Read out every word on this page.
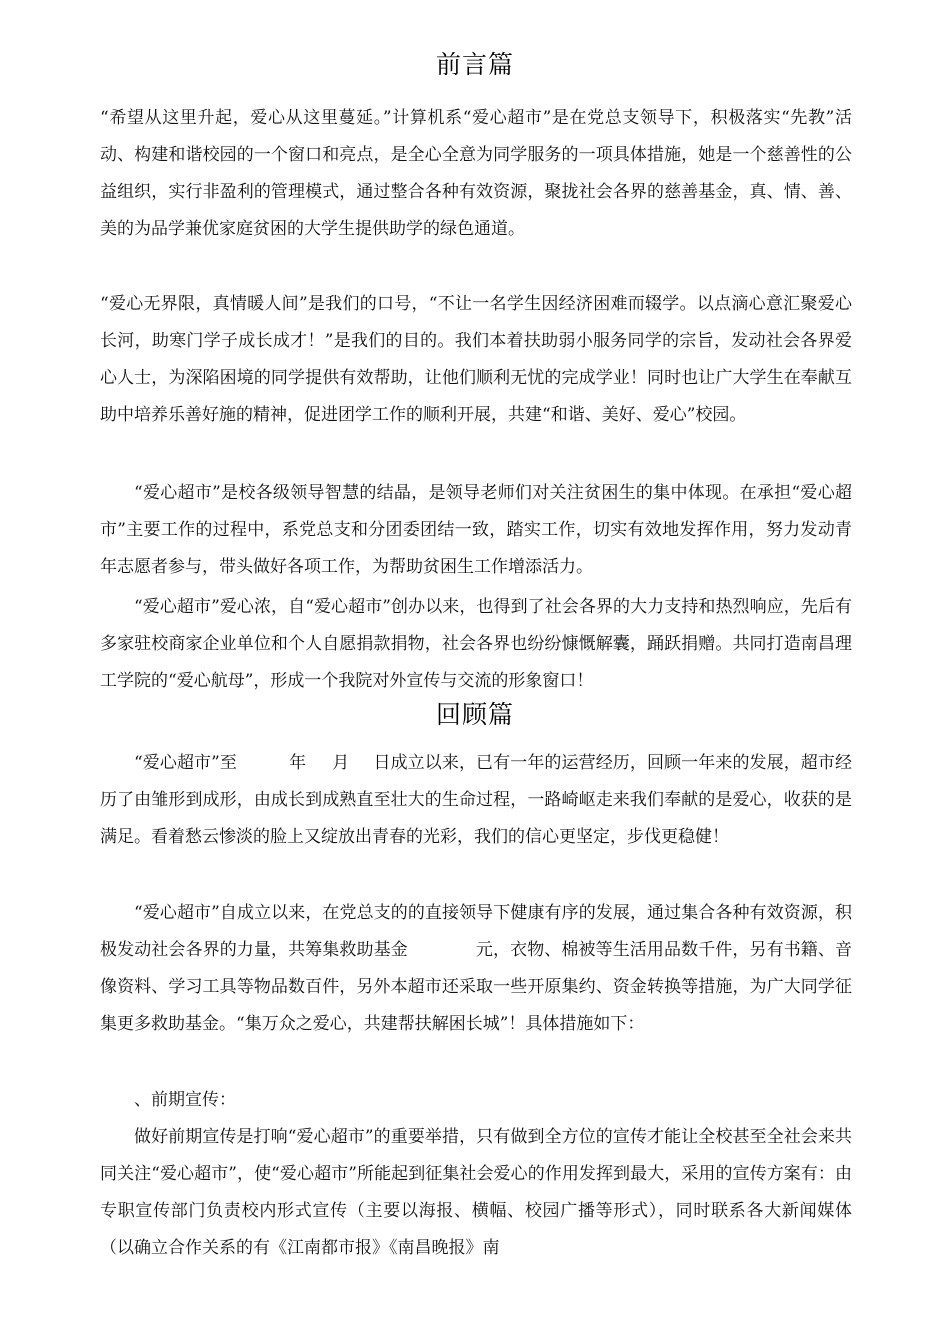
前言篇

“希望从这里升起，爱心从这里蔓延。”计算机系“爱心超市”是在党总支领导下，积极落实“先教”活动、构建和谐校园的一个窗口和亮点，是全心全意为同学服务的一项具体措施，她是一个慈善性的公益组织，实行非盈利的管理模式，通过整合各种有效资源，聚拢社会各界的慈善基金，真、情、善、美的为品学兼优家庭贫困的大学生提供助学的绿色通道。

“爱心无界限，真情暖人间”是我们的口号，“不让一名学生因经济困难而辍学。以点滴心意汇聚爱心长河，助寒门学子成长成才！”是我们的目的。我们本着扶助弱小服务同学的宗旨，发动社会各界爱心人士，为深陷困境的同学提供有效帮助，让他们顺利无忧的完成学业！同时也让广大学生在奉献互助中培养乐善好施的精神，促进团学工作的顺利开展，共建“和谐、美好、爱心”校园。

“爱心超市”是校各级领导智慧的结晶，是领导老师们对关注贫困生的集中体现。在承担“爱心超市”主要工作的过程中，系党总支和分团委团结一致，踏实工作，切实有效地发挥作用，努力发动青年志愿者参与，带头做好各项工作，为帮助贫困生工作增添活力。

“爱心超市”爱心浓，自“爱心超市”创办以来，也得到了社会各界的大力支持和热烈响应，先后有多家驻校商家企业单位和个人自愿捐款捐物，社会各界也纷纷慷慨解囊，踊跃捐赠。共同打造南昌理工学院的“爱心航母”，形成一个我院对外宣传与交流的形象窗口！

回顾篇

“爱心超市”至	年 月 日成立以来，已有一年的运营经历，回顾一年来的发展，超市经历了由雏形到成形，由成长到成熟直至壮大的生命过程，一路崎岖走来我们奉献的是爱心，收获的是满足。看着愁云惨淡的脸上又绽放出青春的光彩，我们的信心更坚定，步伐更稳健！

“爱心超市”自成立以来，在党总支的的直接领导下健康有序的发展，通过集合各种有效资源，积极发动社会各界的力量，共筹集救助基金	元，衣物、棉被等生活用品数千件，另有书籍、音像资料、学习工具等物品数百件，另外本超市还采取一些开原集约、资金转换等措施，为广大同学征集更多救助基金。“集万众之爱心，共建帮扶解困长城”！具体措施如下：

、前期宣传：

做好前期宣传是打响“爱心超市”的重要举措，只有做到全方位的宣传才能让全校甚至全社会来共同关注“爱心超市”，使“爱心超市”所能起到征集社会爱心的作用发挥到最大，采用的宣传方案有：由专职宣传部门负责校内形式宣传（主要以海报、横幅、校园广播等形式），同时联系各大新闻媒体（以确立合作关系的有《江南都市报》《南昌晚报》南
